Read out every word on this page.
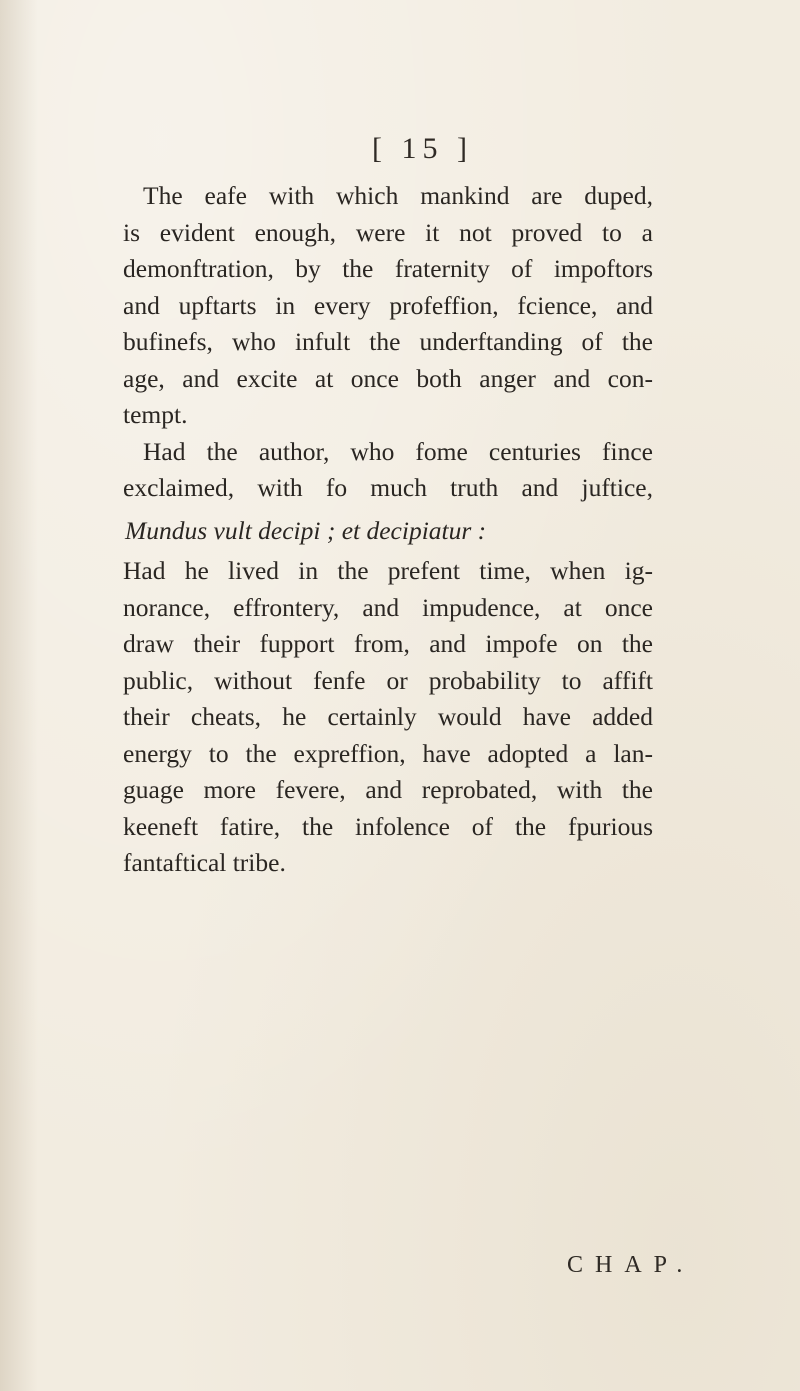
[ 15 ]
The eafe with which mankind are duped,
is evident enough, were it not proved to a
demonftration, by the fraternity of impoftors
and upftarts in every profeffion, fcience, and
bufinefs, who infult the underftanding of the
age, and excite at once both anger and con-
tempt.
Had the author, who fome centuries fince
exclaimed, with fo much truth and juftice,
Mundus vult decipi ; et decipiatur :
Had he lived in the prefent time, when ig-
norance, effrontery, and impudence, at once
draw their fupport from, and impofe on the
public, without fenfe or probability to affift
their cheats, he certainly would have added
energy to the expreffion, have adopted a lan-
guage more fevere, and reprobated, with the
keeneft fatire, the infolence of the fpurious
fantaftical tribe.
CHAP.
